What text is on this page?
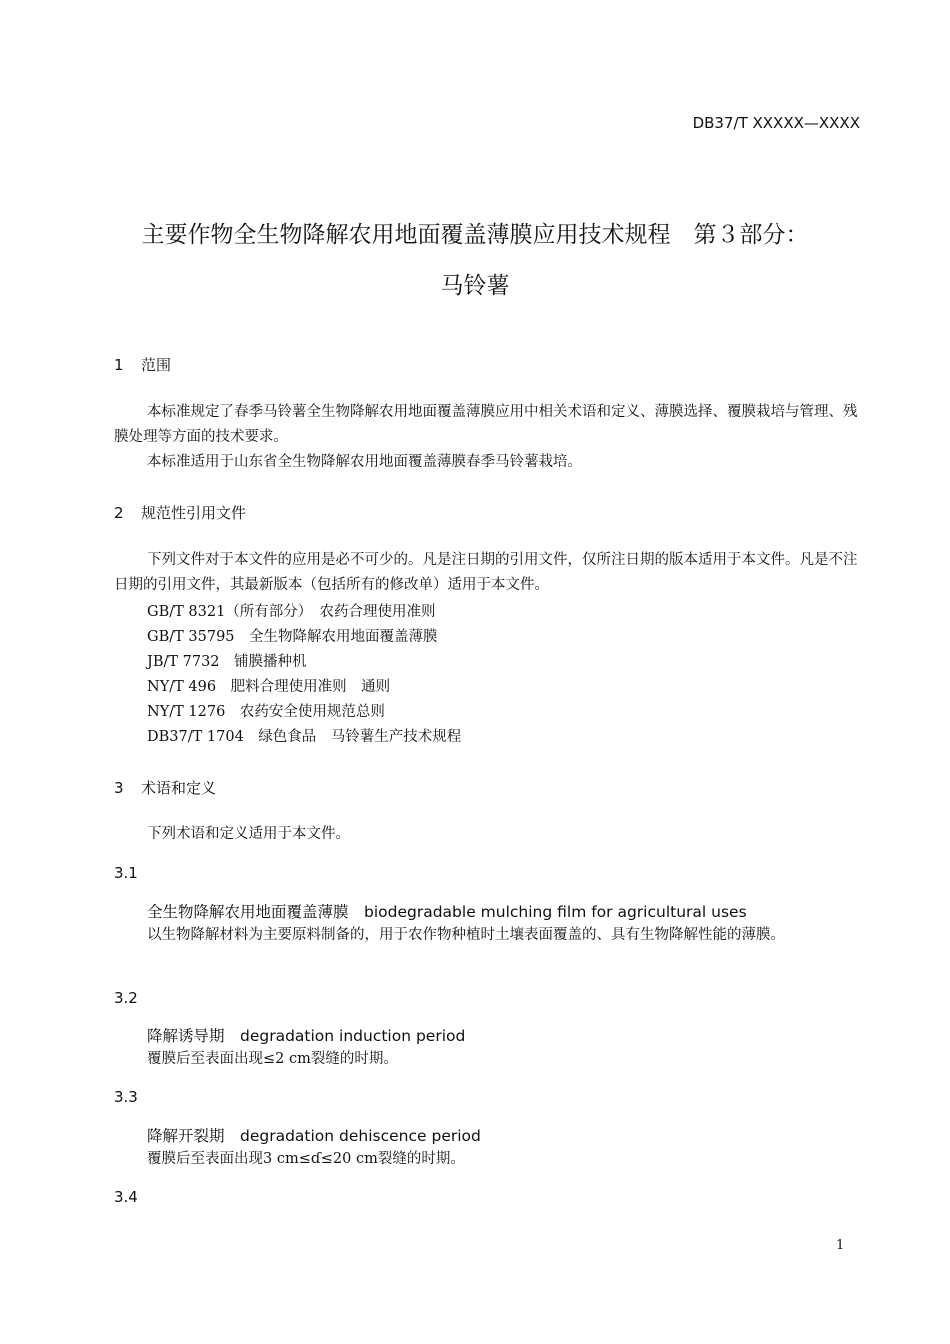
DB37/T XXXXX—XXXX
主要作物全生物降解农用地面覆盖薄膜应用技术规程　第３部分：
马铃薯
1 范围
本标准规定了春季马铃薯全生物降解农用地面覆盖薄膜应用中相关术语和定义、薄膜选择、覆膜栽培与管理、残膜处理等方面的技术要求。
本标准适用于山东省全生物降解农用地面覆盖薄膜春季马铃薯栽培。
2 规范性引用文件
下列文件对于本文件的应用是必不可少的。凡是注日期的引用文件，仅所注日期的版本适用于本文件。凡是不注日期的引用文件，其最新版本（包括所有的修改单）适用于本文件。
GB/T 8321（所有部分）　农药合理使用准则
GB/T 35795　全生物降解农用地面覆盖薄膜
JB/T 7732　铺膜播种机
NY/T 496　肥料合理使用准则　通则
NY/T 1276　农药安全使用规范总则
DB37/T 1704　绿色食品　马铃薯生产技术规程
3 术语和定义
下列术语和定义适用于本文件。
3.1
全生物降解农用地面覆盖薄膜　biodegradable mulching film for agricultural uses
以生物降解材料为主要原料制备的，用于农作物种植时土壤表面覆盖的、具有生物降解性能的薄膜。
3.2
降解诱导期　degradation induction period
覆膜后至表面出现≤2 cm裂缝的时期。
3.3
降解开裂期　degradation dehiscence period
覆膜后至表面出现3 cm≤ɗ≤20 cm裂缝的时期。
3.4
1
